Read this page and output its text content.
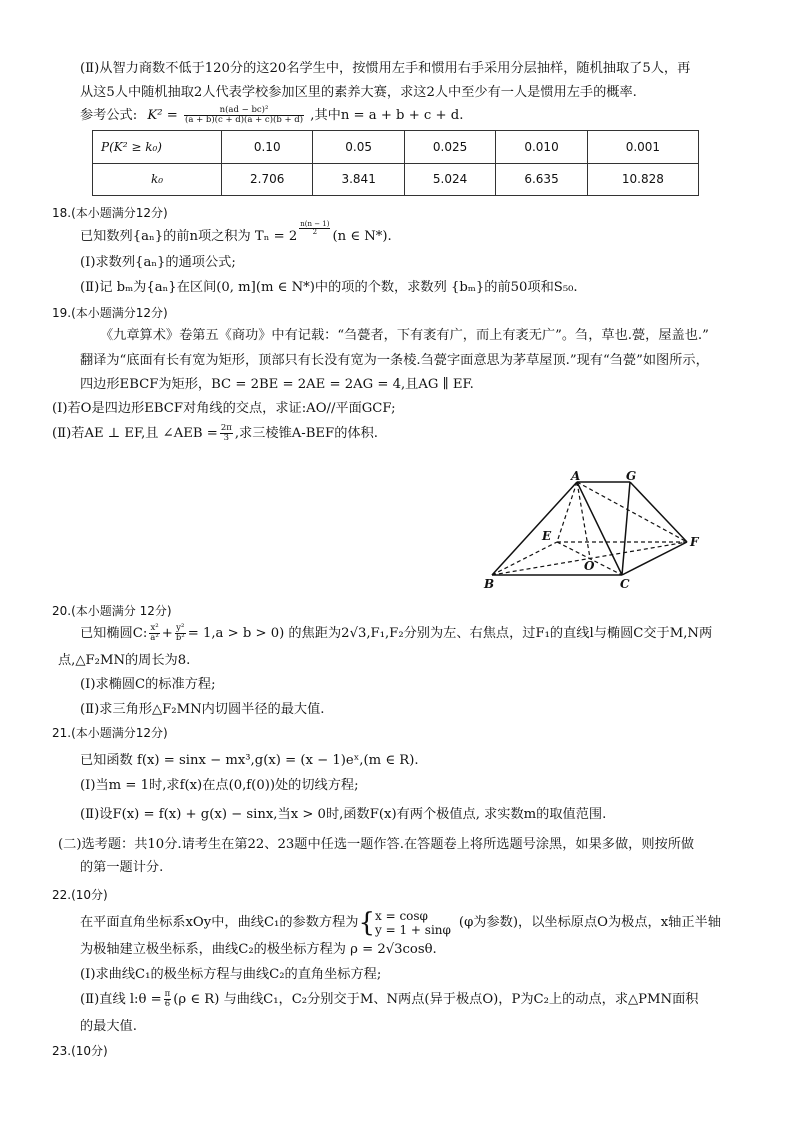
(Ⅱ)从智力商数不低于120分的这20名学生中，按惯用左手和惯用右手采用分层抽样，随机抽取了5人，再
从这5人中随机抽取2人代表学校参加区里的素养大赛，求这2人中至少有一人是惯用左手的概率.
参考公式: $K^2 = \frac{\text{n(ad − bc)²}}{(a + b)(c + d)(a + c)(b + d)}$ ,其中n = a + b + c + d.
P(K² ≥ k₀)	0.10	0.05	0.025	0.010	0.001
k₀	2.706	3.841	5.024	6.635	10.828
18.(本小题满分12分)
已知数列{aₙ}的前n项之积为 Tₙ = 2
$\frac{n(n - 1)}{2}$
(n ∈ N*).
(Ⅰ)求数列{aₙ}的通项公式;
(Ⅱ)记 bₘ为{aₙ}在区间(0, m](m ∈ N*)中的项的个数，求数列 {bₘ}的前50项和S₅₀.
19.(本小题满分12分)
《九章算术》卷第五《商功》中有记载：“刍甍者，下有袤有广，而上有袤无广”。刍，草也.甍，屋盖也.”
翻译为“底面有长有宽为矩形，顶部只有长没有宽为一条棱.刍甍字面意思为茅草屋顶.”现有“刍甍”如图所示，
四边形EBCF为矩形，BC = 2BE = 2AE = 2AG = 4,且AG ∥ EF.
(Ⅰ)若O是四边形EBCF对角线的交点，求证:AO//平面GCF;
(Ⅱ)若AE ⊥ EF,且 ∠AEB = $\frac{2\pi}{3}$ ,求三棱锥A-BEF的体积.
A	G
E	F
O
B	C
20.(本小题满分 12分)
已知椭圆C: $\frac{\text{x²}}{\text{a²}} + \frac{\text{y²}}{\text{b²}} = 1,a > b > 0$) 的焦距为2√3,F₁,F₂分别为左、右焦点，过F₁的直线l与椭圆C交于M,N两
点,△F₂MN的周长为8.
(Ⅰ)求椭圆C的标准方程;
(Ⅱ)求三角形△F₂MN内切圆半径的最大值.
21.(本小题满分12分)
已知函数 f(x) = sinx − mx³,g(x) = (x − 1)eˣ,(m ∈ R).
(Ⅰ)当m = 1时,求f(x)在点(0,f(0))处的切线方程;
(Ⅱ)设F(x) = f(x) + g(x) − sinx,当x > 0时,函数F(x)有两个极值点, 求实数m的取值范围.
(二)选考题：共10分.请考生在第22、23题中任选一题作答.在答题卷上将所选题号涂黑，如果多做，则按所做
的第一题计分.
22.(10分)
在平面直角坐标系xOy中，曲线C₁的参数方程为{ x = cosφ
y = 1 + sinφ (φ为参数)，以坐标原点O为极点，x轴正半轴
为极轴建立极坐标系，曲线C₂的极坐标方程为 ρ = 2√3cosθ.
(Ⅰ)求曲线C₁的极坐标方程与曲线C₂的直角坐标方程;
(Ⅱ)直线 l:θ = $\frac{\pi}{6} (\rho$ ∈ R) 与曲线C₁，C₂分别交于M、N两点(异于极点O)，P为C₂上的动点，求△PMN面积
的最大值.
23.(10分)
